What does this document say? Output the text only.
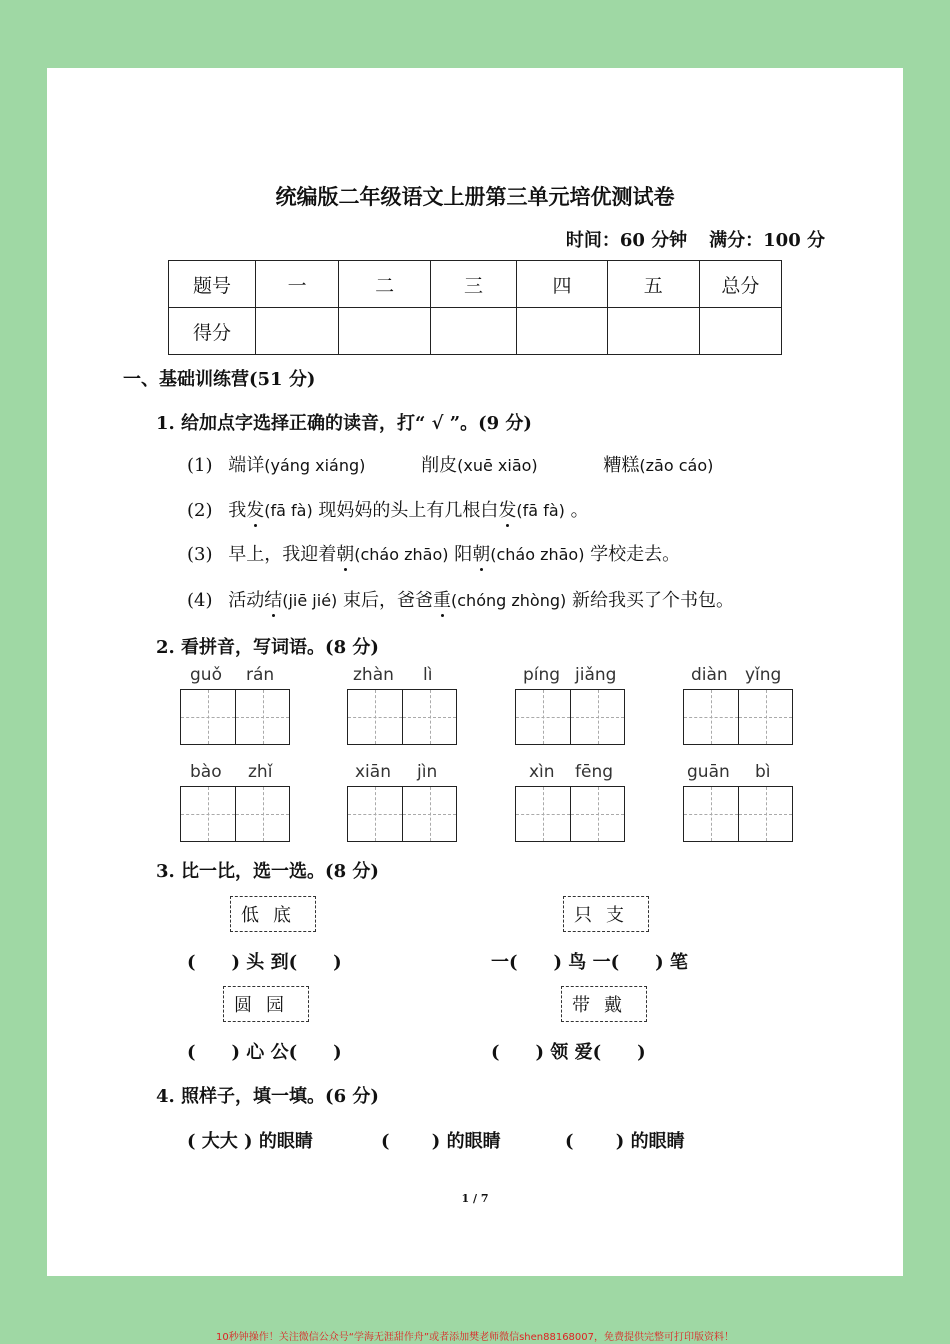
统编版二年级语文上册第三单元培优测试卷
时间：60 分钟 满分：100 分
题号	一	二	三	四	五	总分
得分						
一、基础训练营(51 分)
1. 给加点字选择正确的读音，打“ √ ”。(9 分)
(1) 端详(yáng xiáng)	削皮(xuē xiāo)	糟糕(zāo cáo)
(2) 我发(fā fà) 现妈妈的头上有几根白发(fā fà) 。
(3) 早上，我迎着朝(cháo zhāo) 阳朝(cháo zhāo) 学校走去。
(4) 活动结(jiē jié) 束后，爸爸重(chóng zhòng) 新给我买了个书包。
2. 看拼音，写词语。(8 分)
guǒ rán	zhàn lì	píng jiǎng	diàn yǐng
bào zhǐ	xiān jìn	xìn fēng	guān bì
3. 比一比，选一选。(8 分)
低底	只支
(　　) 头 到(　　)	一(　　) 鸟 一(　　) 笔
圆园	带戴
(　　) 心 公(　　)	(　　) 领 爱(　　)
4. 照样子，填一填。(6 分)
( 大大 ) 的眼睛	(　　 ) 的眼睛	(　　 ) 的眼睛
1 / 7
10秒钟操作！关注微信公众号“学海无涯甜作舟”或者添加樊老师微信shen88168007，免费提供完整可打印版资料！
